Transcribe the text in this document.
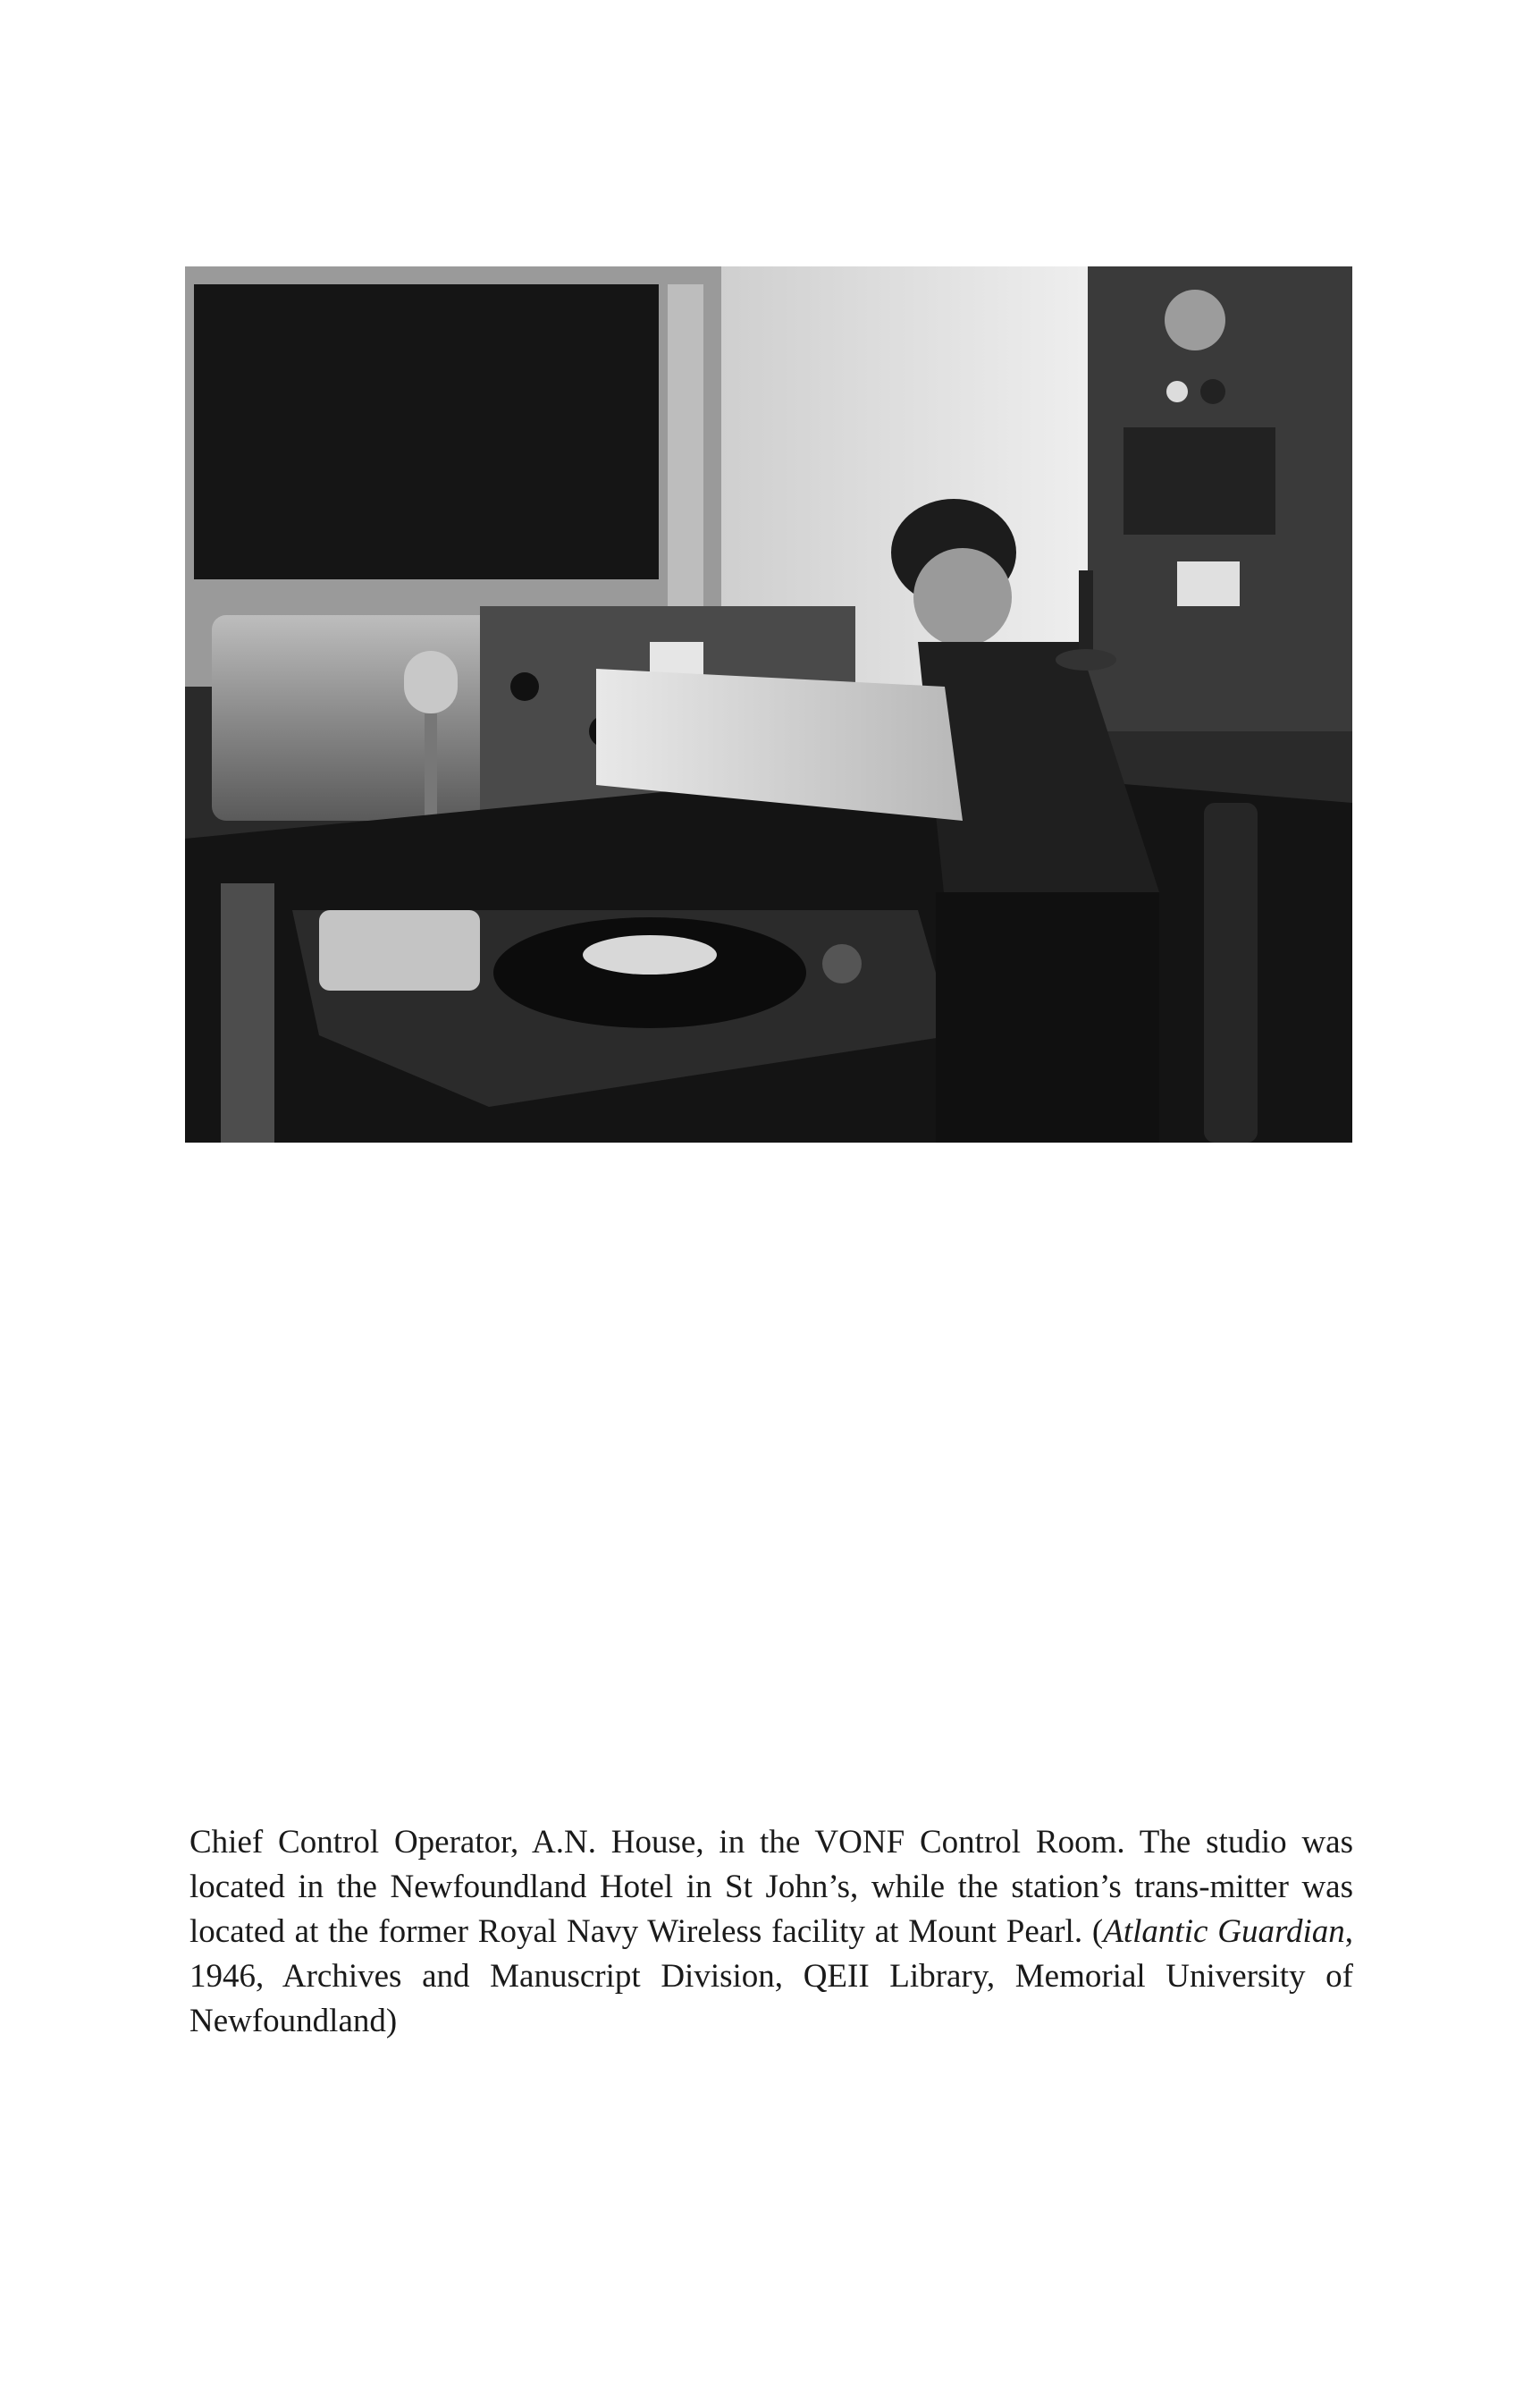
Chief Control Operator, A.N. House, in the VONF Control Room. The studio was located in the Newfoundland Hotel in St John’s, while the station’s trans-mitter was located at the former Royal Navy Wireless facility at Mount Pearl. (Atlantic Guardian, 1946, Archives and Manuscript Division, QEII Library, Memorial University of Newfoundland)
